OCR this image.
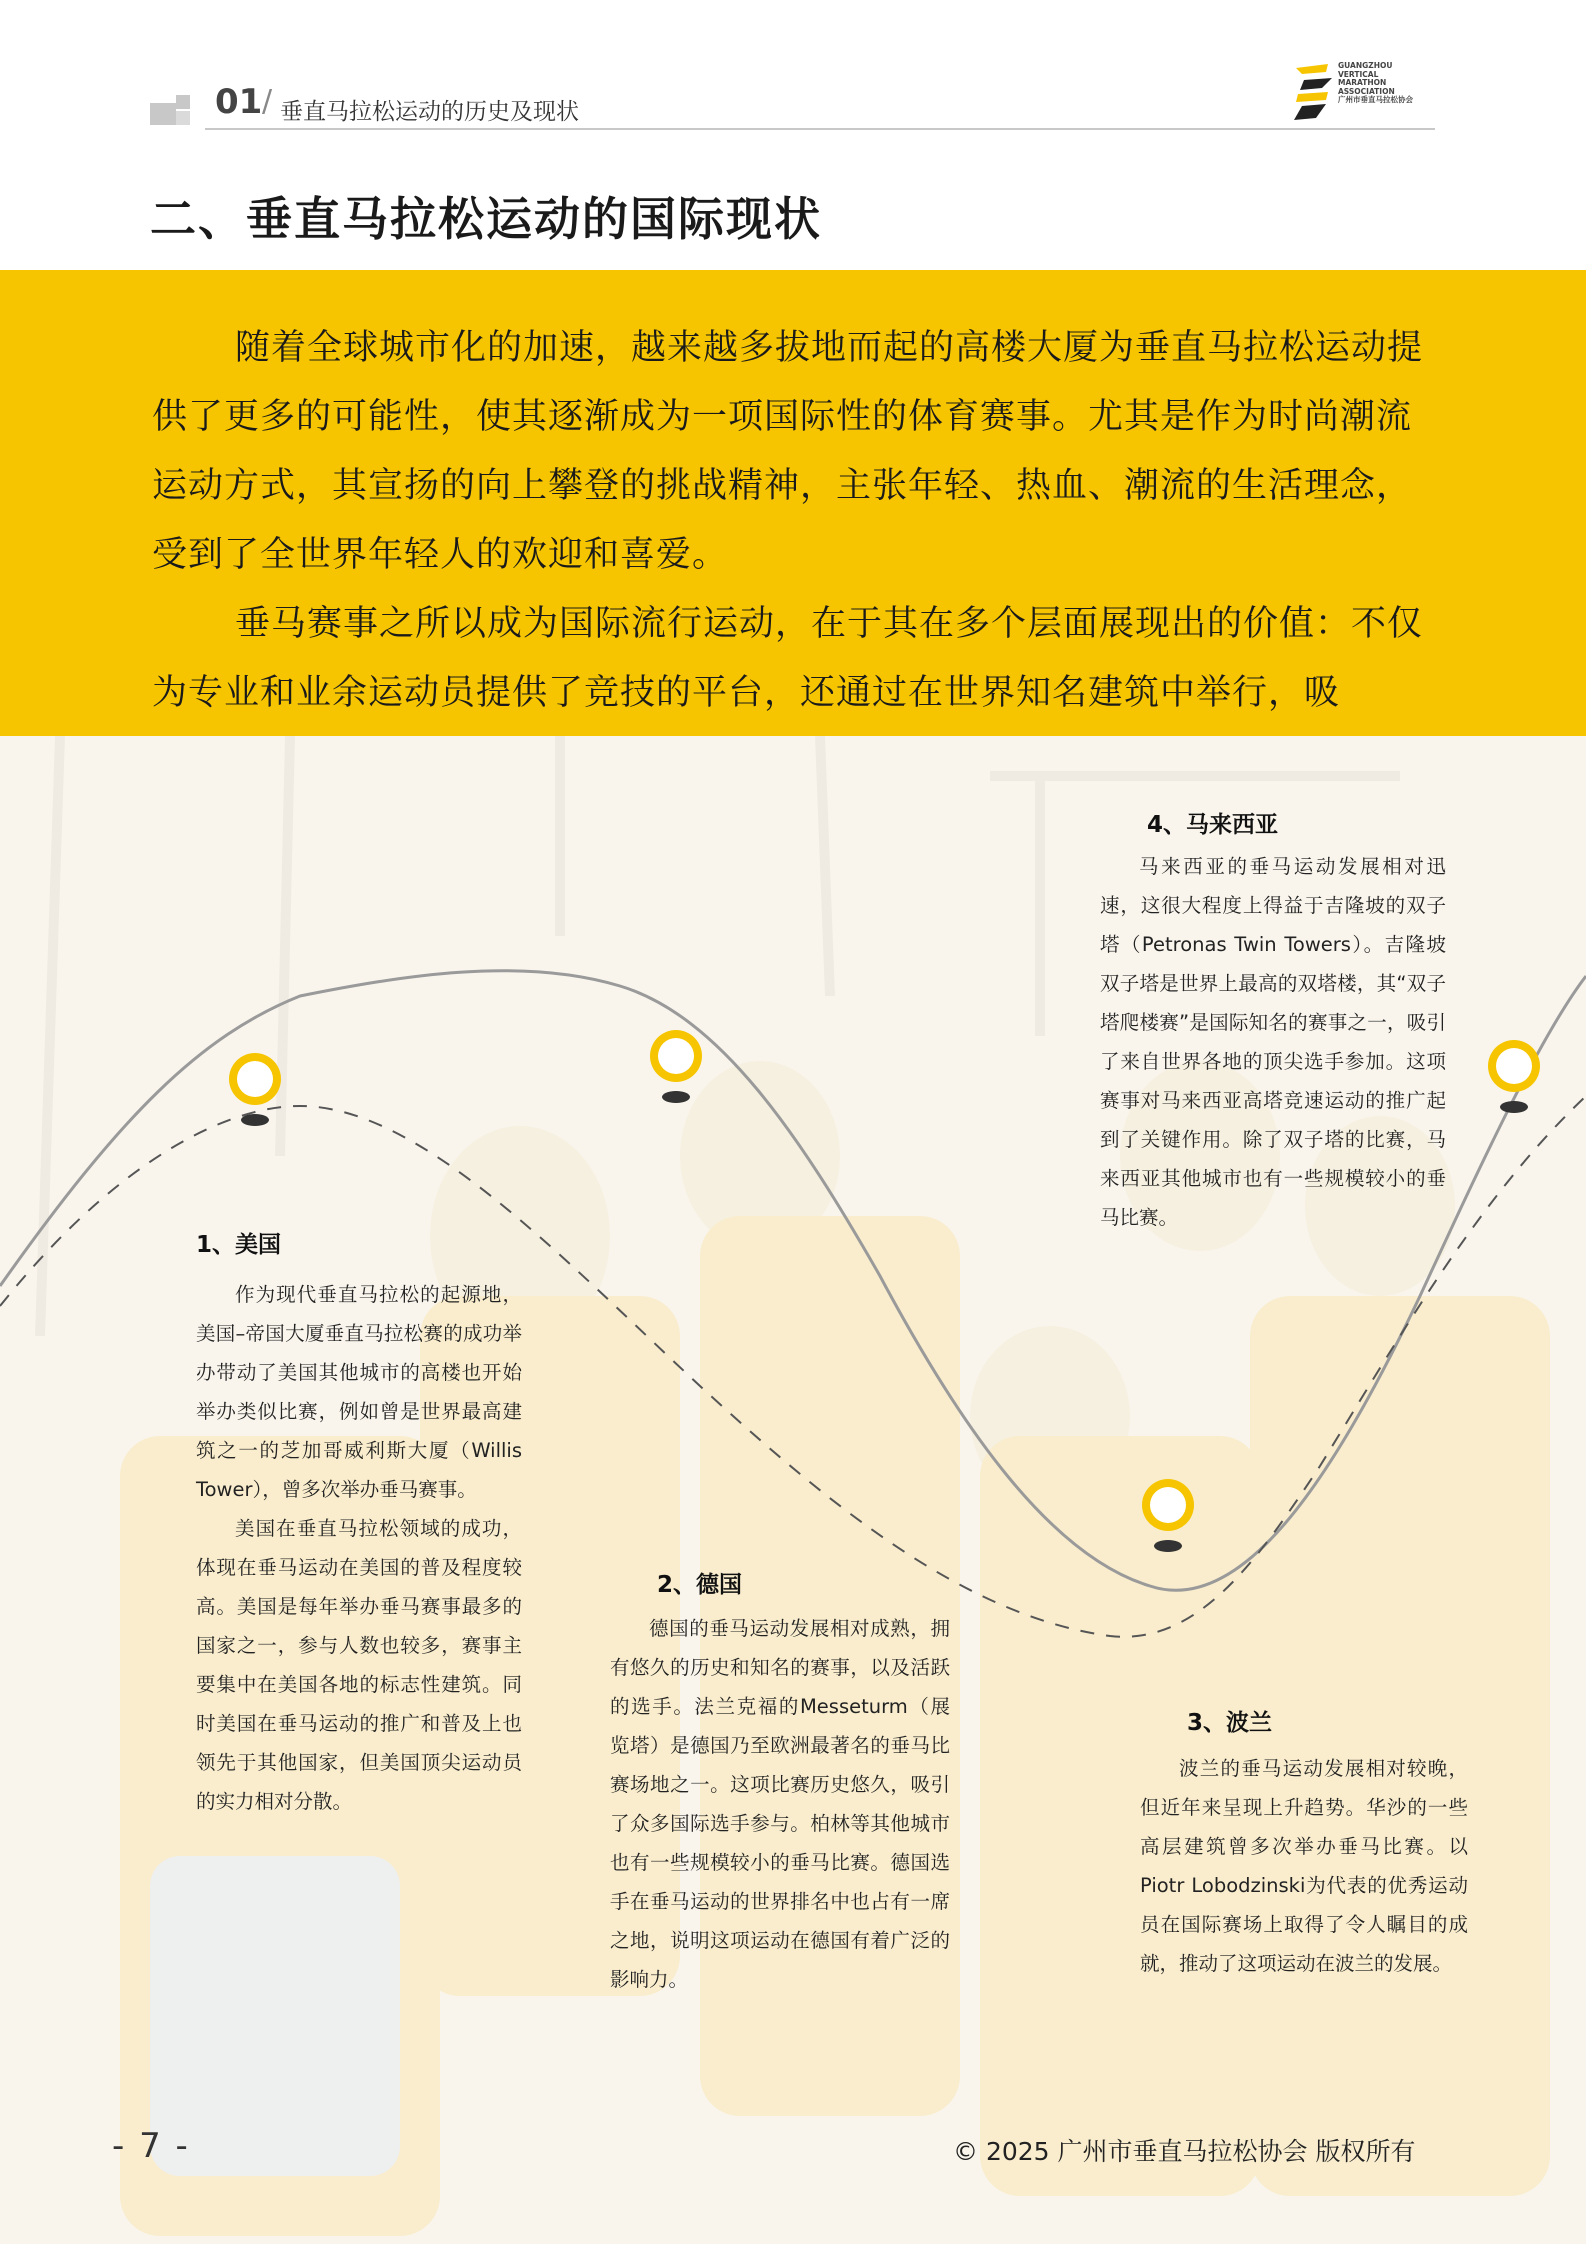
01 / 垂直马拉松运动的历史及现状
GUANGZHOU
VERTICAL
MARATHON
ASSOCIATION
广州市垂直马拉松协会
二、垂直马拉松运动的国际现状

随着全球城市化的加速，越来越多拔地而起的高楼大厦为垂直马拉松运动提供了更多的可能性，使其逐渐成为一项国际性的体育赛事。尤其是作为时尚潮流运动方式，其宣扬的向上攀登的挑战精神，主张年轻、热血、潮流的生活理念，受到了全世界年轻人的欢迎和喜爱。

垂马赛事之所以成为国际流行运动，在于其在多个层面展现出的价值：不仅为专业和业余运动员提供了竞技的平台，还通过在世界知名建筑中举行，吸

1、美国
作为现代垂直马拉松的起源地，美国–帝国大厦垂直马拉松赛的成功举办带动了美国其他城市的高楼也开始举办类似比赛，例如曾是世界最高建筑之一的芝加哥威利斯大厦（Willis Tower），曾多次举办垂马赛事。
美国在垂直马拉松领域的成功，体现在垂马运动在美国的普及程度较高。美国是每年举办垂马赛事最多的国家之一，参与人数也较多，赛事主要集中在美国各地的标志性建筑。同时美国在垂马运动的推广和普及上也领先于其他国家，但美国顶尖运动员的实力相对分散。
2、德国
德国的垂马运动发展相对成熟，拥有悠久的历史和知名的赛事，以及活跃的选手。法兰克福的Messeturm（展览塔）是德国乃至欧洲最著名的垂马比赛场地之一。这项比赛历史悠久，吸引了众多国际选手参与。柏林等其他城市也有一些规模较小的垂马比赛。德国选手在垂马运动的世界排名中也占有一席之地，说明这项运动在德国有着广泛的影响力。
3、波兰
波兰的垂马运动发展相对较晚，但近年来呈现上升趋势。华沙的一些高层建筑曾多次举办垂马比赛。以Piotr Lobodzinski为代表的优秀运动员在国际赛场上取得了令人瞩目的成就，推动了这项运动在波兰的发展。
4、马来西亚
马来西亚的垂马运动发展相对迅速，这很大程度上得益于吉隆坡的双子塔（Petronas Twin Towers）。吉隆坡双子塔是世界上最高的双塔楼，其“双子塔爬楼赛”是国际知名的赛事之一，吸引了来自世界各地的顶尖选手参加。这项赛事对马来西亚高塔竞速运动的推广起到了关键作用。除了双子塔的比赛，马来西亚其他城市也有一些规模较小的垂马比赛。
- 7 -	© 2025 广州市垂直马拉松协会 版权所有
